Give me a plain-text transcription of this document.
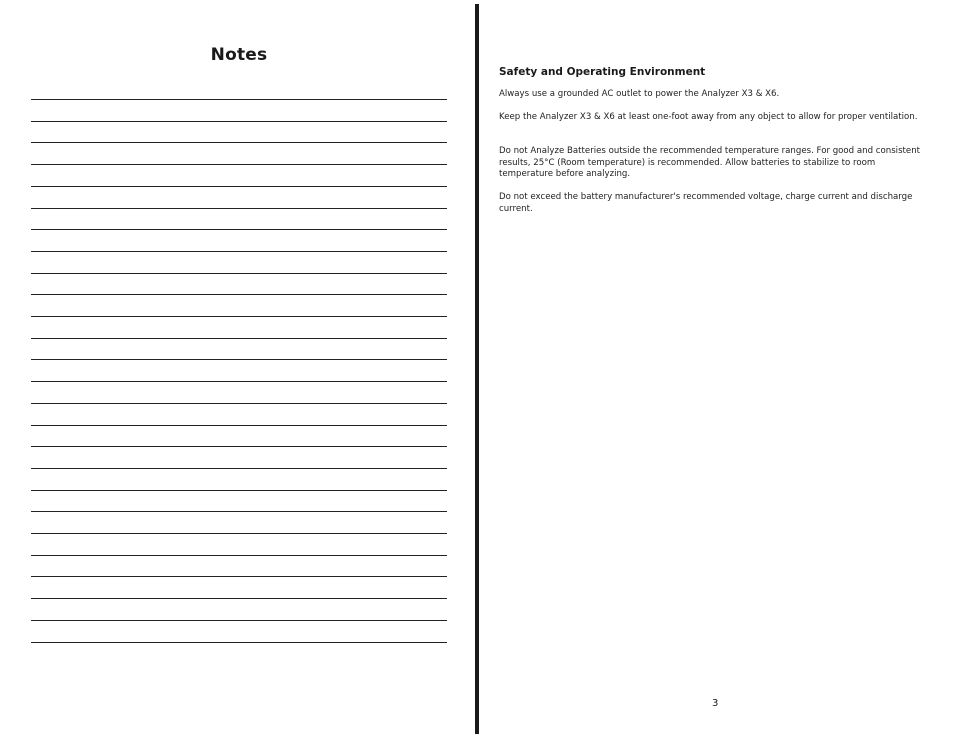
Notes
Safety and Operating Environment
Always use a grounded AC outlet to power the Analyzer X3 & X6.
Keep the Analyzer X3 & X6 at least one-foot away from any object to allow for proper ventilation.
Do not Analyze Batteries outside the recommended temperature ranges. For good and consistent results, 25°C (Room temperature) is recommended. Allow batteries to stabilize to room temperature before analyzing.
Do not exceed the battery manufacturer's recommended voltage, charge current and discharge current.
3
